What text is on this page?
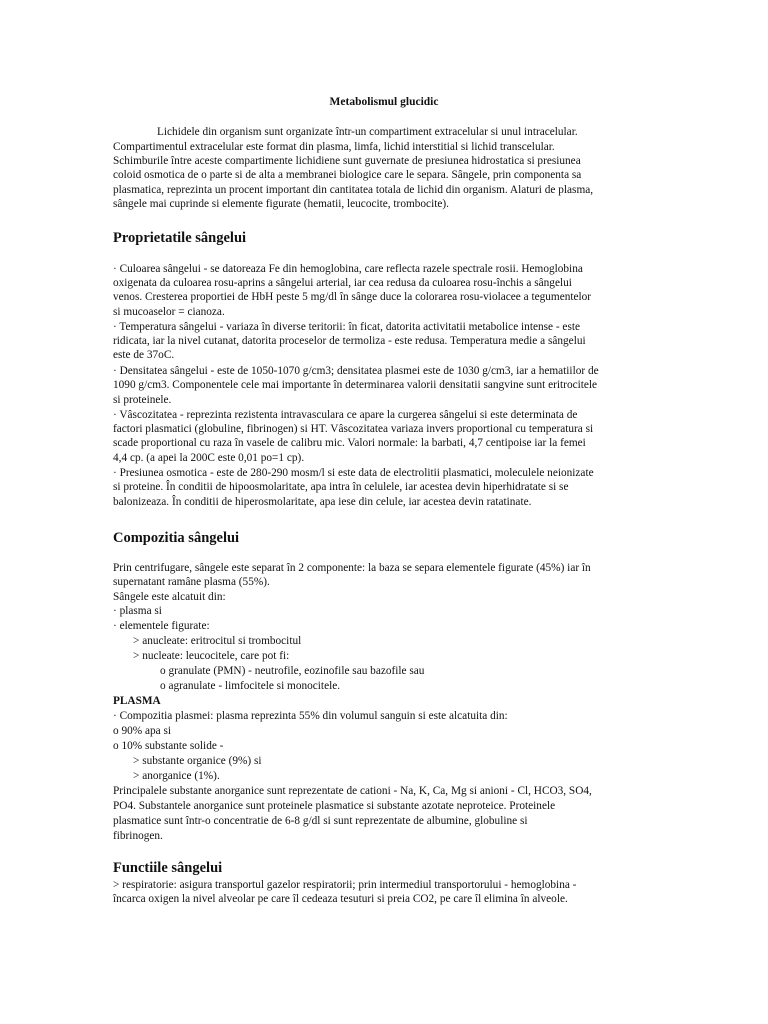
Metabolismul glucidic
Lichidele din organism sunt organizate într-un compartiment extracelular si unul intracelular.
Compartimentul extracelular este format din plasma, limfa, lichid interstitial si lichid transcelular.
Schimburile între aceste compartimente lichidiene sunt guvernate de presiunea hidrostatica si presiunea
coloid osmotica de o parte si de alta a membranei biologice care le separa. Sângele, prin componenta sa
plasmatica, reprezinta un procent important din cantitatea totala de lichid din organism. Alaturi de plasma,
sângele mai cuprinde si elemente figurate (hematii, leucocite, trombocite).
Proprietatile sângelui
· Culoarea sângelui - se datoreaza Fe din hemoglobina, care reflecta razele spectrale rosii. Hemoglobina
oxigenata da culoarea rosu-aprins a sângelui arterial, iar cea redusa da culoarea rosu-închis a sângelui
venos. Cresterea proportiei de HbH peste 5 mg/dl în sânge duce la colorarea rosu-violacee a tegumentelor
si mucoaselor = cianoza.
· Temperatura sângelui - variaza în diverse teritorii: în ficat, datorita activitatii metabolice intense - este
ridicata, iar la nivel cutanat, datorita proceselor de termoliza - este redusa. Temperatura medie a sângelui
este de 37oC.
· Densitatea sângelui - este de 1050-1070 g/cm3; densitatea plasmei este de 1030 g/cm3, iar a hematiilor de
1090 g/cm3. Componentele cele mai importante în determinarea valorii densitatii sangvine sunt eritrocitele
si proteinele.
· Vâscozitatea - reprezinta rezistenta intravasculara ce apare la curgerea sângelui si este determinata de
factori plasmatici (globuline, fibrinogen) si HT. Vâscozitatea variaza invers proportional cu temperatura si
scade proportional cu raza în vasele de calibru mic. Valori normale: la barbati, 4,7 centipoise iar la femei
4,4 cp. (a apei la 200C este 0,01 po=1 cp).
· Presiunea osmotica - este de 280-290 mosm/l si este data de electrolitii plasmatici, moleculele neionizate
si proteine. În conditii de hipoosmolaritate, apa intra în celulele, iar acestea devin hiperhidratate si se
balonizeaza. În conditii de hiperosmolaritate, apa iese din celule, iar acestea devin ratatinate.
Compozitia sângelui
Prin centrifugare, sângele este separat în 2 componente: la baza se separa elementele figurate (45%) iar în
supernatant ramâne plasma (55%).
Sângele este alcatuit din:
· plasma si
· elementele figurate:
> anucleate: eritrocitul si trombocitul
> nucleate: leucocitele, care pot fi:
o granulate (PMN) - neutrofile, eozinofile sau bazofile sau
o agranulate - limfocitele si monocitele.
PLASMA
· Compozitia plasmei: plasma reprezinta 55% din volumul sanguin si este alcatuita din:
o 90% apa si
o 10% substante solide -
> substante organice (9%) si
> anorganice (1%).
Principalele substante anorganice sunt reprezentate de cationi - Na, K, Ca, Mg si anioni - Cl, HCO3, SO4,
PO4. Substantele anorganice sunt proteinele plasmatice si substante azotate neproteice. Proteinele
plasmatice sunt într-o concentratie de 6-8 g/dl si sunt reprezentate de albumine, globuline si
fibrinogen.
Functiile sângelui
> respiratorie: asigura transportul gazelor respiratorii; prin intermediul transportorului - hemoglobina -
încarca oxigen la nivel alveolar pe care îl cedeaza tesuturi si preia CO2, pe care îl elimina în alveole.
